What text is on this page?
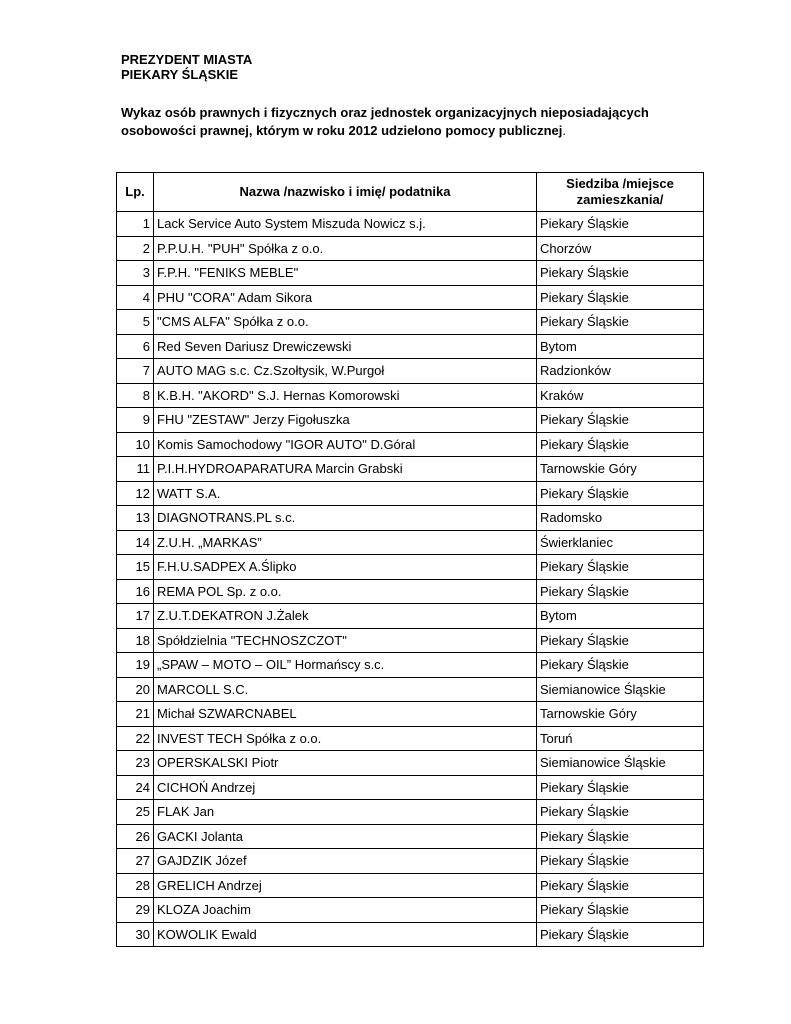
PREZYDENT MIASTA
PIEKARY ŚLĄSKIE
Wykaz osób prawnych i fizycznych oraz jednostek organizacyjnych nieposiadających osobowości prawnej, którym w roku 2012 udzielono pomocy publicznej.
Lp.	Nazwa /nazwisko i imię/ podatnika	Siedziba /miejsce zamieszkania/
1	Lack Service Auto System Miszuda Nowicz s.j.	Piekary Śląskie
2	P.P.U.H. "PUH" Spółka z o.o.	Chorzów
3	F.P.H. "FENIKS MEBLE"	Piekary Śląskie
4	PHU "CORA" Adam Sikora	Piekary Śląskie
5	"CMS ALFA" Spółka z o.o.	Piekary Śląskie
6	Red Seven Dariusz Drewiczewski	Bytom
7	AUTO MAG s.c. Cz.Szołtysik, W.Purgoł	Radzionków
8	K.B.H. "AKORD" S.J. Hernas Komorowski	Kraków
9	FHU "ZESTAW" Jerzy Figołuszka	Piekary Śląskie
10	Komis Samochodowy "IGOR AUTO" D.Góral	Piekary Śląskie
11	P.I.H.HYDROAPARATURA Marcin Grabski	Tarnowskie Góry
12	WATT S.A.	Piekary Śląskie
13	DIAGNOTRANS.PL s.c.	Radomsko
14	Z.U.H. „MARKAS”	Świerklaniec
15	F.H.U.SADPEX A.Ślipko	Piekary Śląskie
16	REMA POL Sp. z o.o.	Piekary Śląskie
17	Z.U.T.DEKATRON J.Żalek	Bytom
18	Spółdzielnia "TECHNOSZCZOT"	Piekary Śląskie
19	„SPAW – MOTO – OIL” Hormańscy s.c.	Piekary Śląskie
20	MARCOLL S.C.	Siemianowice Śląskie
21	Michał SZWARCNABEL	Tarnowskie Góry
22	INVEST TECH Spółka z o.o.	Toruń
23	OPERSKALSKI Piotr	Siemianowice Śląskie
24	CICHOŃ Andrzej	Piekary Śląskie
25	FLAK Jan	Piekary Śląskie
26	GACKI Jolanta	Piekary Śląskie
27	GAJDZIK Józef	Piekary Śląskie
28	GRELICH Andrzej	Piekary Śląskie
29	KLOZA Joachim	Piekary Śląskie
30	KOWOLIK Ewald	Piekary Śląskie
